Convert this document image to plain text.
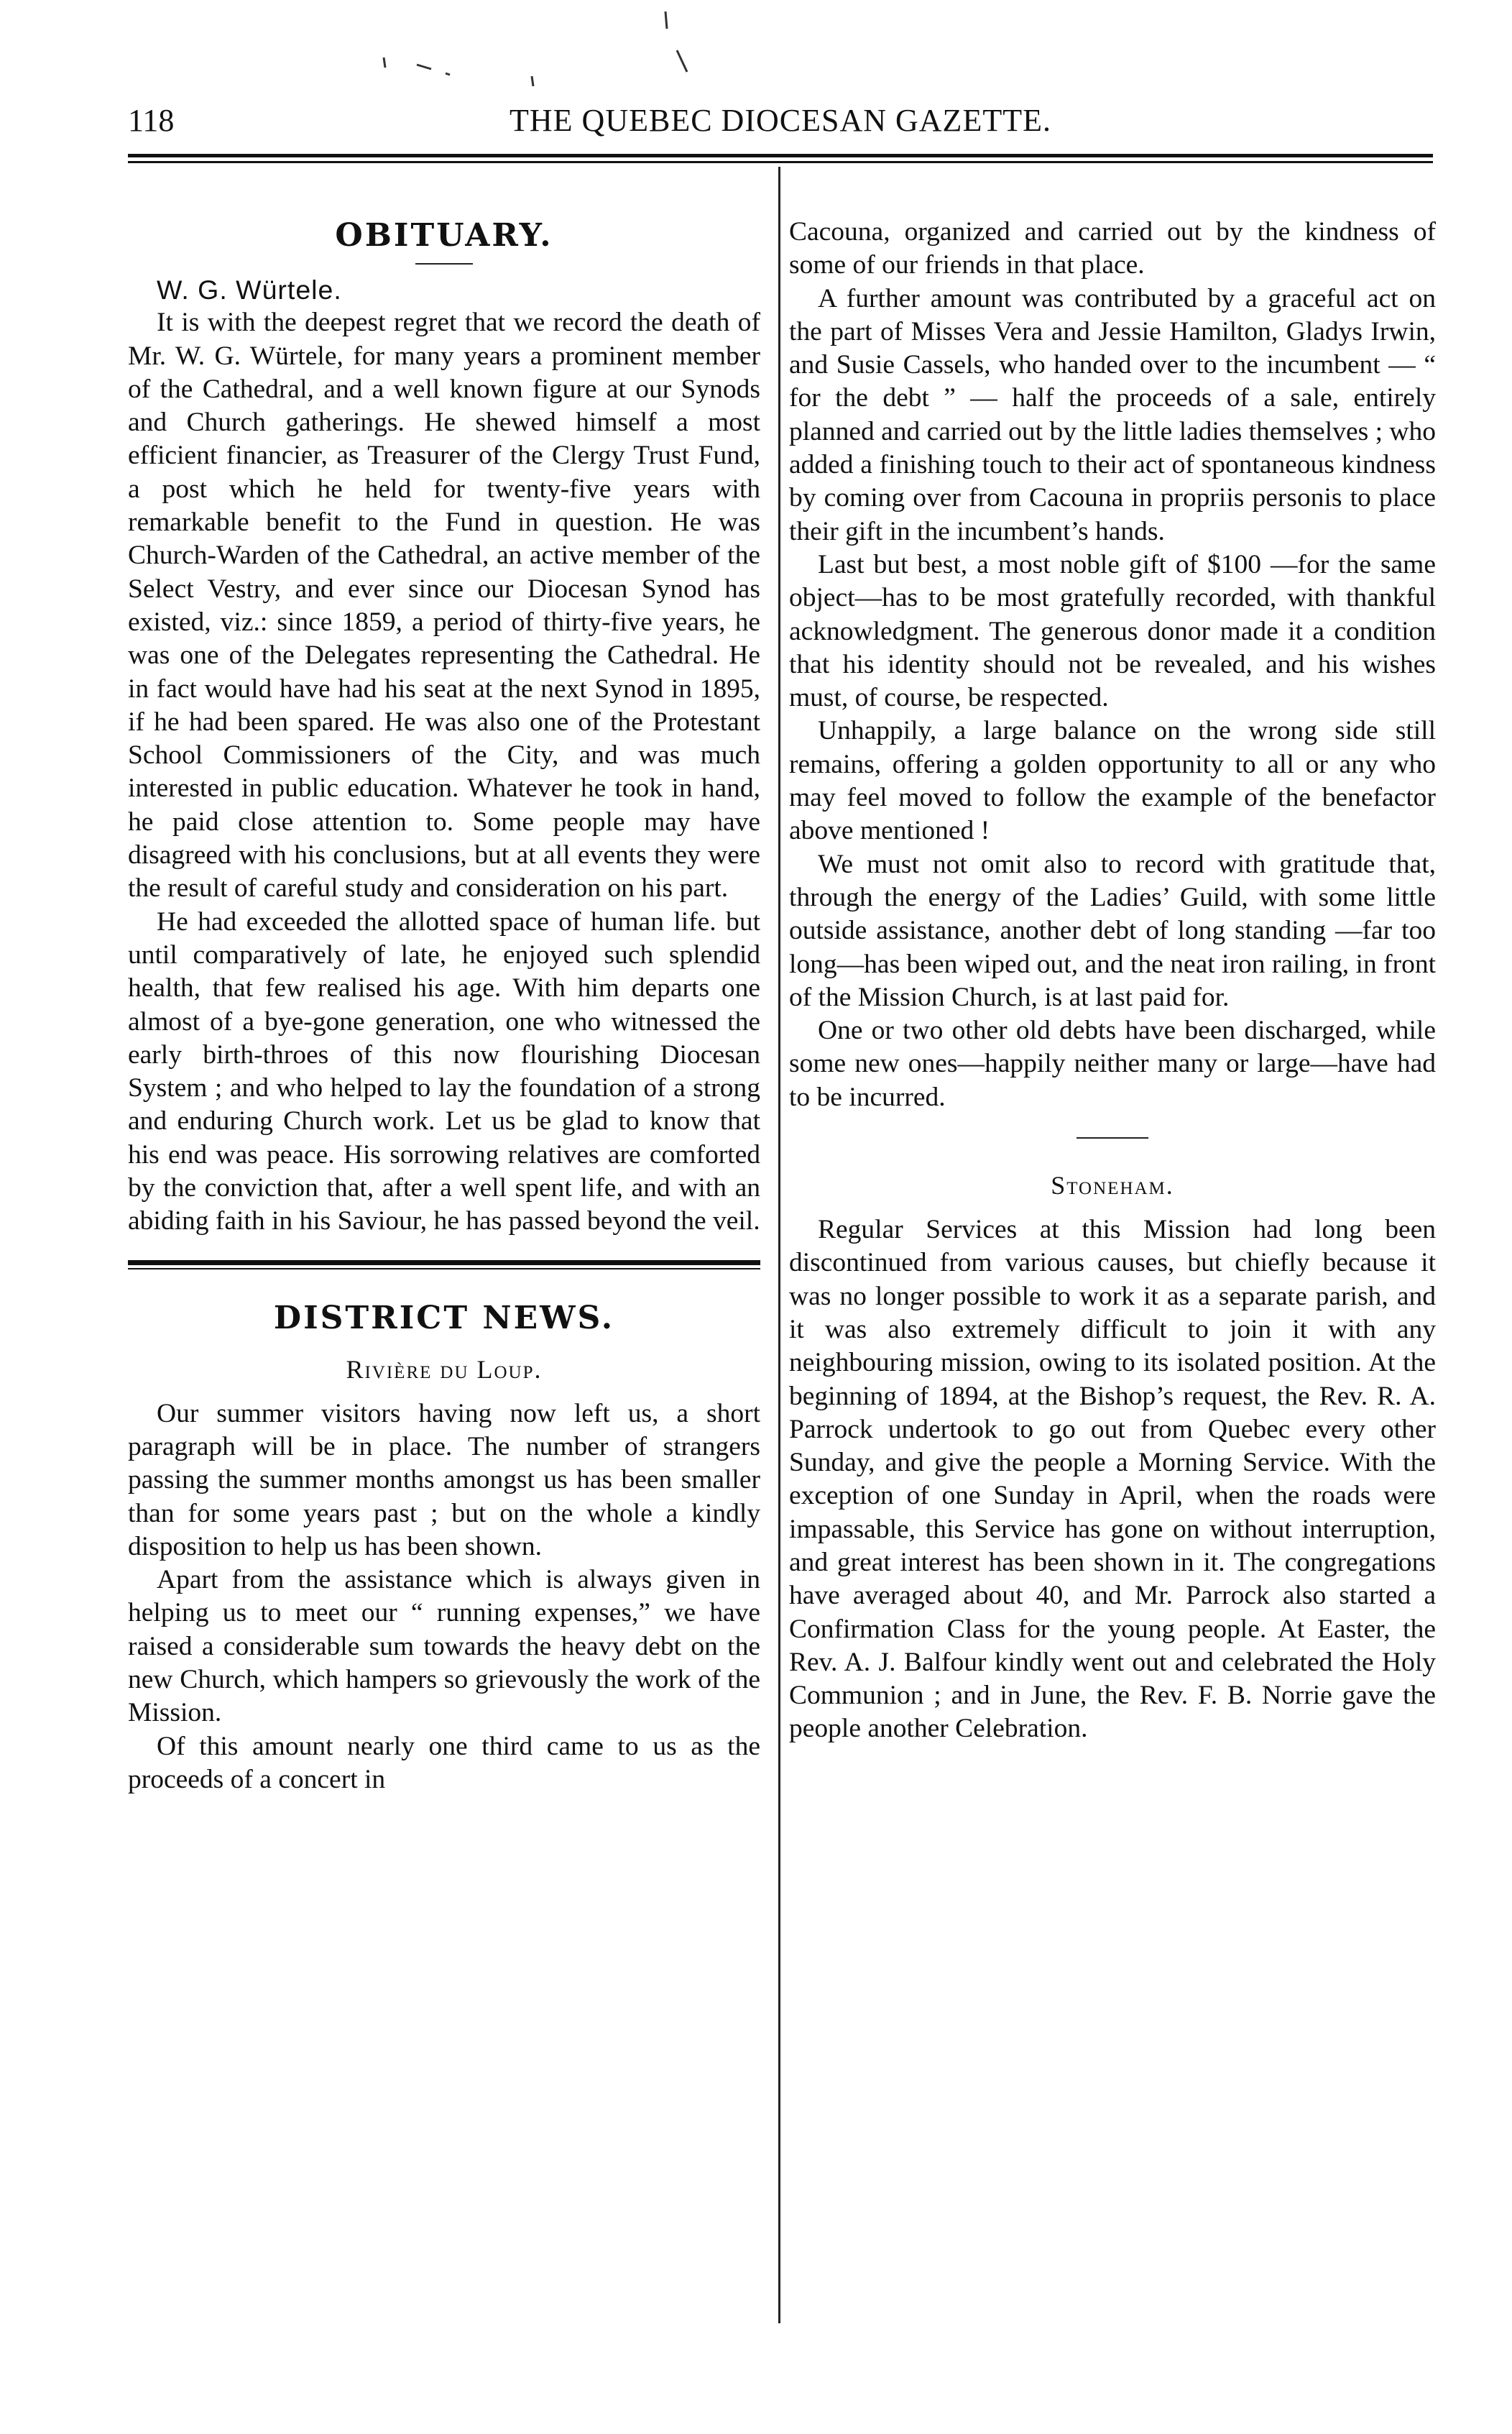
118	THE QUEBEC DIOCESAN GAZETTE.
OBITUARY.

W. G. Würtele.

It is with the deepest regret that we record the death of Mr. W. G. Würtele, for many years a prominent member of the Cathedral, and a well known figure at our Synods and Church gatherings. He shewed himself a most efficient financier, as Treasurer of the Clergy Trust Fund, a post which he held for twenty-five years with remarkable benefit to the Fund in question. He was Church-Warden of the Cathedral, an active member of the Select Vestry, and ever since our Diocesan Synod has existed, viz.: since 1859, a period of thirty-five years, he was one of the Delegates representing the Cathedral. He in fact would have had his seat at the next Synod in 1895, if he had been spared. He was also one of the Protestant School Commissioners of the City, and was much interested in public education. Whatever he took in hand, he paid close attention to. Some people may have disagreed with his conclusions, but at all events they were the result of careful study and consideration on his part.

He had exceeded the allotted space of human life. but until comparatively of late, he enjoyed such splendid health, that few realised his age. With him departs one almost of a bye-gone generation, one who witnessed the early birth-throes of this now flourishing Diocesan System ; and who helped to lay the foundation of a strong and enduring Church work. Let us be glad to know that his end was peace. His sorrowing relatives are comforted by the conviction that, after a well spent life, and with an abiding faith in his Saviour, he has passed beyond the veil.

DISTRICT NEWS.
Rivière du Loup.

Our summer visitors having now left us, a short paragraph will be in place. The number of strangers passing the summer months amongst us has been smaller than for some years past ; but on the whole a kindly disposition to help us has been shown.

Apart from the assistance which is always given in helping us to meet our “ running expenses,” we have raised a considerable sum towards the heavy debt on the new Church, which hampers so grievously the work of the Mission.

Of this amount nearly one third came to us as the proceeds of a concert in

Cacouna, organized and carried out by the kindness of some of our friends in that place.

A further amount was contributed by a graceful act on the part of Misses Vera and Jessie Hamilton, Gladys Irwin, and Susie Cassels, who handed over to the incumbent — “ for the debt ” — half the proceeds of a sale, entirely planned and carried out by the little ladies themselves ; who added a finishing touch to their act of spontaneous kindness by coming over from Cacouna in propriis personis to place their gift in the incumbent’s hands.

Last but best, a most noble gift of $100 —for the same object—has to be most gratefully recorded, with thankful acknowledgment. The generous donor made it a condition that his identity should not be revealed, and his wishes must, of course, be respected.

Unhappily, a large balance on the wrong side still remains, offering a golden opportunity to all or any who may feel moved to follow the example of the benefactor above mentioned !

We must not omit also to record with gratitude that, through the energy of the Ladies’ Guild, with some little outside assistance, another debt of long standing —far too long—has been wiped out, and the neat iron railing, in front of the Mission Church, is at last paid for.

One or two other old debts have been discharged, while some new ones—happily neither many or large—have had to be incurred.

Stoneham.

Regular Services at this Mission had long been discontinued from various causes, but chiefly because it was no longer possible to work it as a separate parish, and it was also extremely difficult to join it with any neighbouring mission, owing to its isolated position. At the beginning of 1894, at the Bishop’s request, the Rev. R. A. Parrock undertook to go out from Quebec every other Sunday, and give the people a Morning Service. With the exception of one Sunday in April, when the roads were impassable, this Service has gone on without interruption, and great interest has been shown in it. The congregations have averaged about 40, and Mr. Parrock also started a Confirmation Class for the young people. At Easter, the Rev. A. J. Balfour kindly went out and celebrated the Holy Communion ; and in June, the Rev. F. B. Norrie gave the people another Celebration.
